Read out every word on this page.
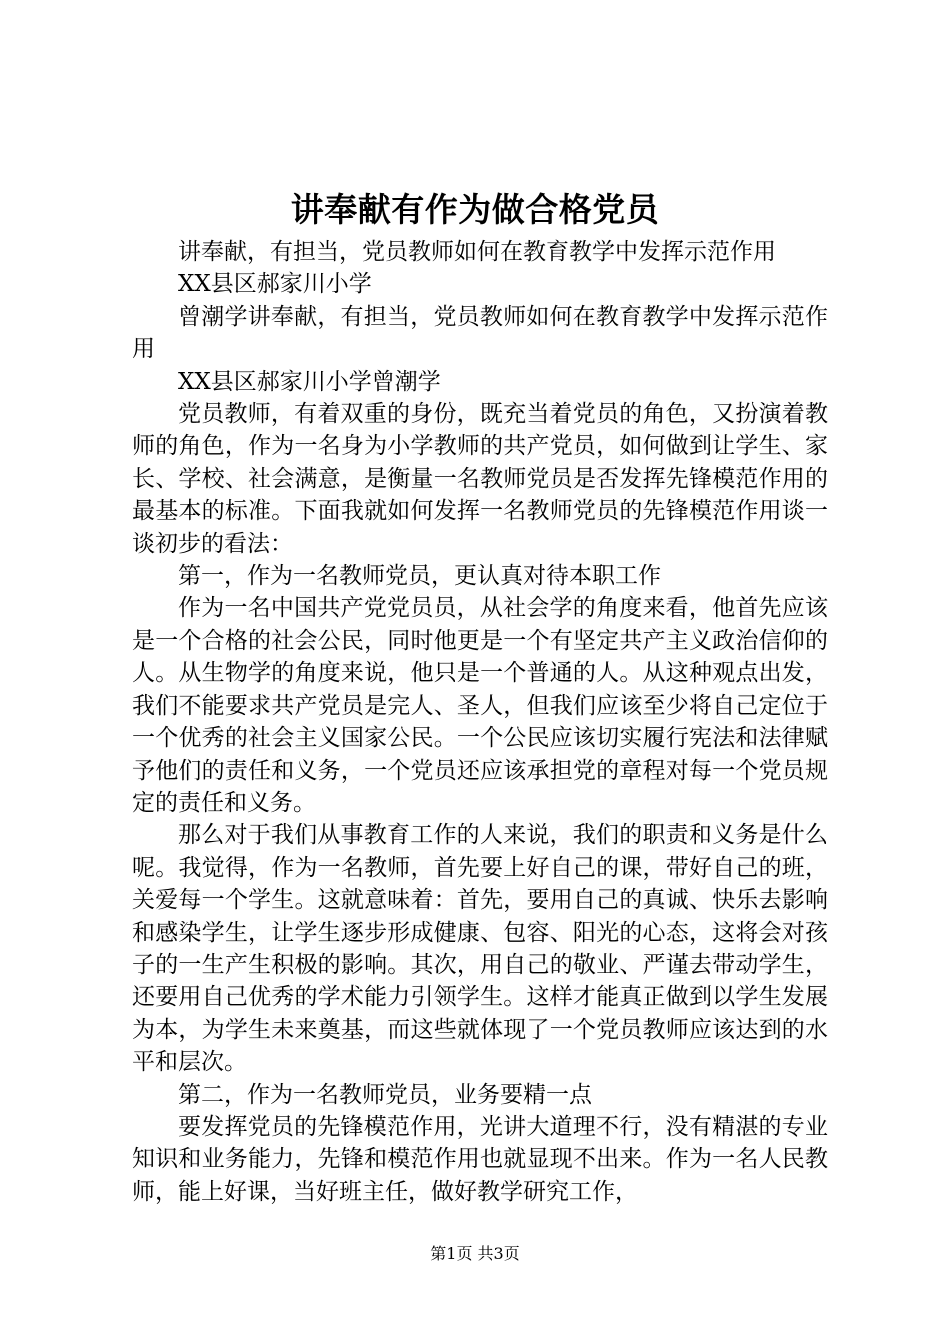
讲奉献有作为做合格党员

讲奉献，有担当，党员教师如何在教育教学中发挥示范作用

XX县区郝家川小学

曾潮学讲奉献，有担当，党员教师如何在教育教学中发挥示范作用

XX县区郝家川小学曾潮学

党员教师，有着双重的身份，既充当着党员的角色，又扮演着教师的角色，作为一名身为小学教师的共产党员，如何做到让学生、家长、学校、社会满意，是衡量一名教师党员是否发挥先锋模范作用的最基本的标准。下面我就如何发挥一名教师党员的先锋模范作用谈一谈初步的看法：

第一，作为一名教师党员，更认真对待本职工作

作为一名中国共产党党员员，从社会学的角度来看，他首先应该是一个合格的社会公民，同时他更是一个有坚定共产主义政治信仰的人。从生物学的角度来说，他只是一个普通的人。从这种观点出发，我们不能要求共产党员是完人、圣人，但我们应该至少将自己定位于一个优秀的社会主义国家公民。一个公民应该切实履行宪法和法律赋予他们的责任和义务，一个党员还应该承担党的章程对每一个党员规定的责任和义务。

那么对于我们从事教育工作的人来说，我们的职责和义务是什么呢。我觉得，作为一名教师，首先要上好自己的课，带好自己的班，关爱每一个学生。这就意味着：首先，要用自己的真诚、快乐去影响和感染学生，让学生逐步形成健康、包容、阳光的心态，这将会对孩子的一生产生积极的影响。其次，用自己的敬业、严谨去带动学生，还要用自己优秀的学术能力引领学生。这样才能真正做到以学生发展为本，为学生未来奠基，而这些就体现了一个党员教师应该达到的水平和层次。

第二，作为一名教师党员，业务要精一点

要发挥党员的先锋模范作用，光讲大道理不行，没有精湛的专业知识和业务能力，先锋和模范作用也就显现不出来。作为一名人民教师，能上好课，当好班主任，做好教学研究工作，

第1页 共3页
